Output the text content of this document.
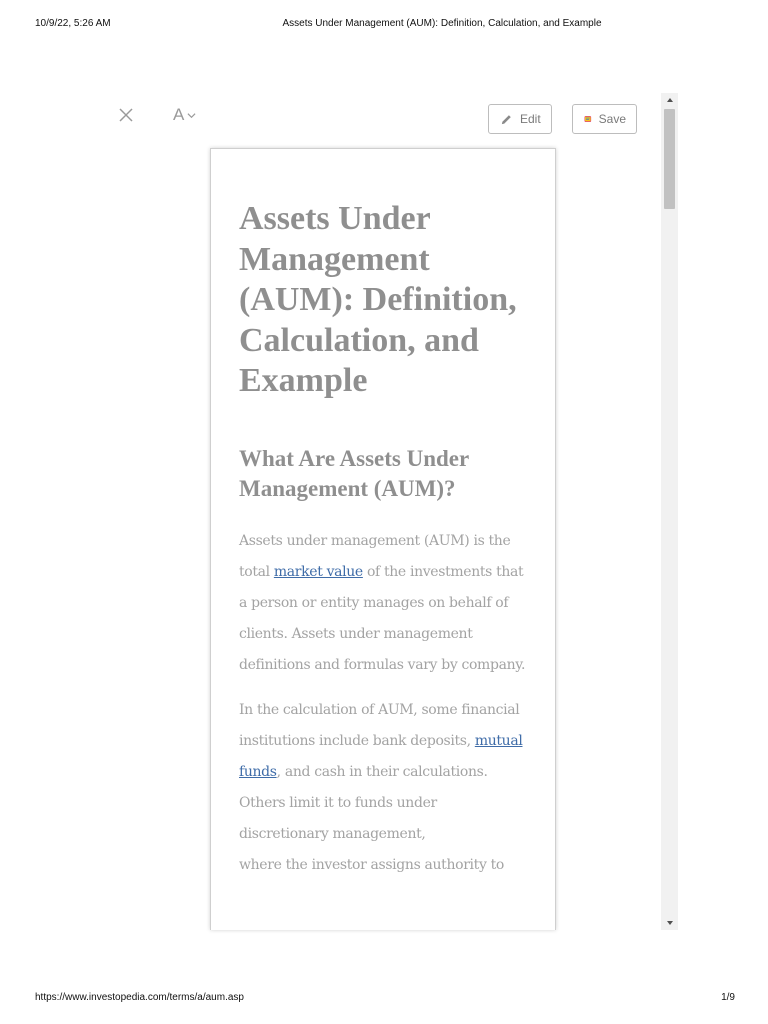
10/9/22, 5:26 AM	Assets Under Management (AUM): Definition, Calculation, and Example
A	Edit	Save
Assets Under Management (AUM): Definition, Calculation, and Example
What Are Assets Under Management (AUM)?

Assets under management (AUM) is the total market value of the investments that a person or entity manages on behalf of clients. Assets under management definitions and formulas vary by company.

In the calculation of AUM, some financial institutions include bank deposits, mutual funds, and cash in their calculations. Others limit it to funds under discretionary management,
where the investor assigns authority to

https://www.investopedia.com/terms/a/aum.asp	1/9
